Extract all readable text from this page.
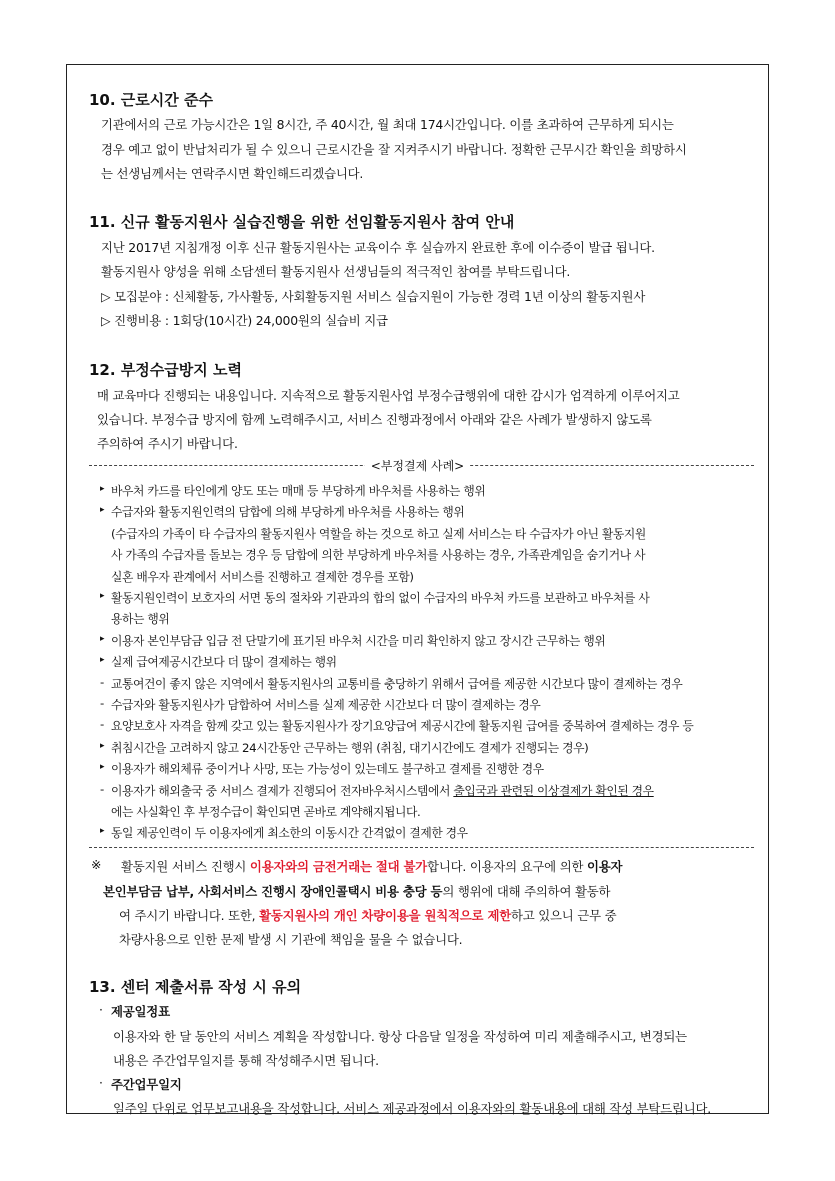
10. 근로시간 준수
기관에서의 근로 가능시간은 1일 8시간, 주 40시간, 월 최대 174시간입니다. 이를 초과하여 근무하게 되시는
경우 예고 없이 반납처리가 될 수 있으니 근로시간을 잘 지켜주시기 바랍니다. 정확한 근무시간 확인을 희망하시
는 선생님께서는 연락주시면 확인해드리겠습니다.
11. 신규 활동지원사 실습진행을 위한 선임활동지원사 참여 안내
지난 2017년 지침개정 이후 신규 활동지원사는 교육이수 후 실습까지 완료한 후에 이수증이 발급 됩니다.
활동지원사 양성을 위해 소담센터 활동지원사 선생님들의 적극적인 참여를 부탁드립니다.
▷ 모집분야 : 신체활동, 가사활동, 사회활동지원 서비스 실습지원이 가능한 경력 1년 이상의 활동지원사
▷ 진행비용 : 1회당(10시간) 24,000원의 실습비 지급
12. 부정수급방지 노력
매 교육마다 진행되는 내용입니다. 지속적으로 활동지원사업 부정수급행위에 대한 감시가 엄격하게 이루어지고
있습니다. 부정수급 방지에 함께 노력해주시고, 서비스 진행과정에서 아래와 같은 사례가 발생하지 않도록
주의하여 주시기 바랍니다.
<부정결제 사례>
▸ 바우처 카드를 타인에게 양도 또는 매매 등 부당하게 바우처를 사용하는 행위
▸ 수급자와 활동지원인력의 담합에 의해 부당하게 바우처를 사용하는 행위
(수급자의 가족이 타 수급자의 활동지원사 역할을 하는 것으로 하고 실제 서비스는 타 수급자가 아닌 활동지원
사 가족의 수급자를 돌보는 경우 등 담합에 의한 부당하게 바우처를 사용하는 경우, 가족관계임을 숨기거나 사
실혼 배우자 관계에서 서비스를 진행하고 결제한 경우를 포함)
▸ 활동지원인력이 보호자의 서면 동의 절차와 기관과의 합의 없이 수급자의 바우처 카드를 보관하고 바우처를 사
용하는 행위
▸ 이용자 본인부담금 입금 전 단말기에 표기된 바우처 시간을 미리 확인하지 않고 장시간 근무하는 행위
▸ 실제 급여제공시간보다 더 많이 결제하는 행위
- 교통여건이 좋지 않은 지역에서 활동지원사의 교통비를 충당하기 위해서 급여를 제공한 시간보다 많이 결제하는 경우
- 수급자와 활동지원사가 담합하여 서비스를 실제 제공한 시간보다 더 많이 결제하는 경우
- 요양보호사 자격을 함께 갖고 있는 활동지원사가 장기요양급여 제공시간에 활동지원 급여를 중복하여 결제하는 경우 등
▸ 취침시간을 고려하지 않고 24시간동안 근무하는 행위 (취침, 대기시간에도 결제가 진행되는 경우)
▸ 이용자가 해외체류 중이거나 사망, 또는 가능성이 있는데도 불구하고 결제를 진행한 경우
- 이용자가 해외출국 중 서비스 결제가 진행되어 전자바우처시스템에서 출입국과 관련된 이상결제가 확인된 경우
에는 사실확인 후 부정수급이 확인되면 곧바로 계약해지됩니다.
▸ 동일 제공인력이 두 이용자에게 최소한의 이동시간 간격없이 결제한 경우
※ 활동지원 서비스 진행시 이용자와의 금전거래는 절대 불가합니다. 이용자의 요구에 의한 이용자
본인부담금 납부, 사회서비스 진행시 장애인콜택시 비용 충당 등의 행위에 대해 주의하여 활동하
여 주시기 바랍니다. 또한, 활동지원사의 개인 차량이용을 원칙적으로 제한하고 있으니 근무 중
차량사용으로 인한 문제 발생 시 기관에 책임을 물을 수 없습니다.
13. 센터 제출서류 작성 시 유의
· 제공일정표
이용자와 한 달 동안의 서비스 계획을 작성합니다. 항상 다음달 일정을 작성하여 미리 제출해주시고, 변경되는
내용은 주간업무일지를 통해 작성해주시면 됩니다.
· 주간업무일지
일주일 단위로 업무보고내용을 작성합니다. 서비스 제공과정에서 이용자와의 활동내용에 대해 작성 부탁드립니다.
